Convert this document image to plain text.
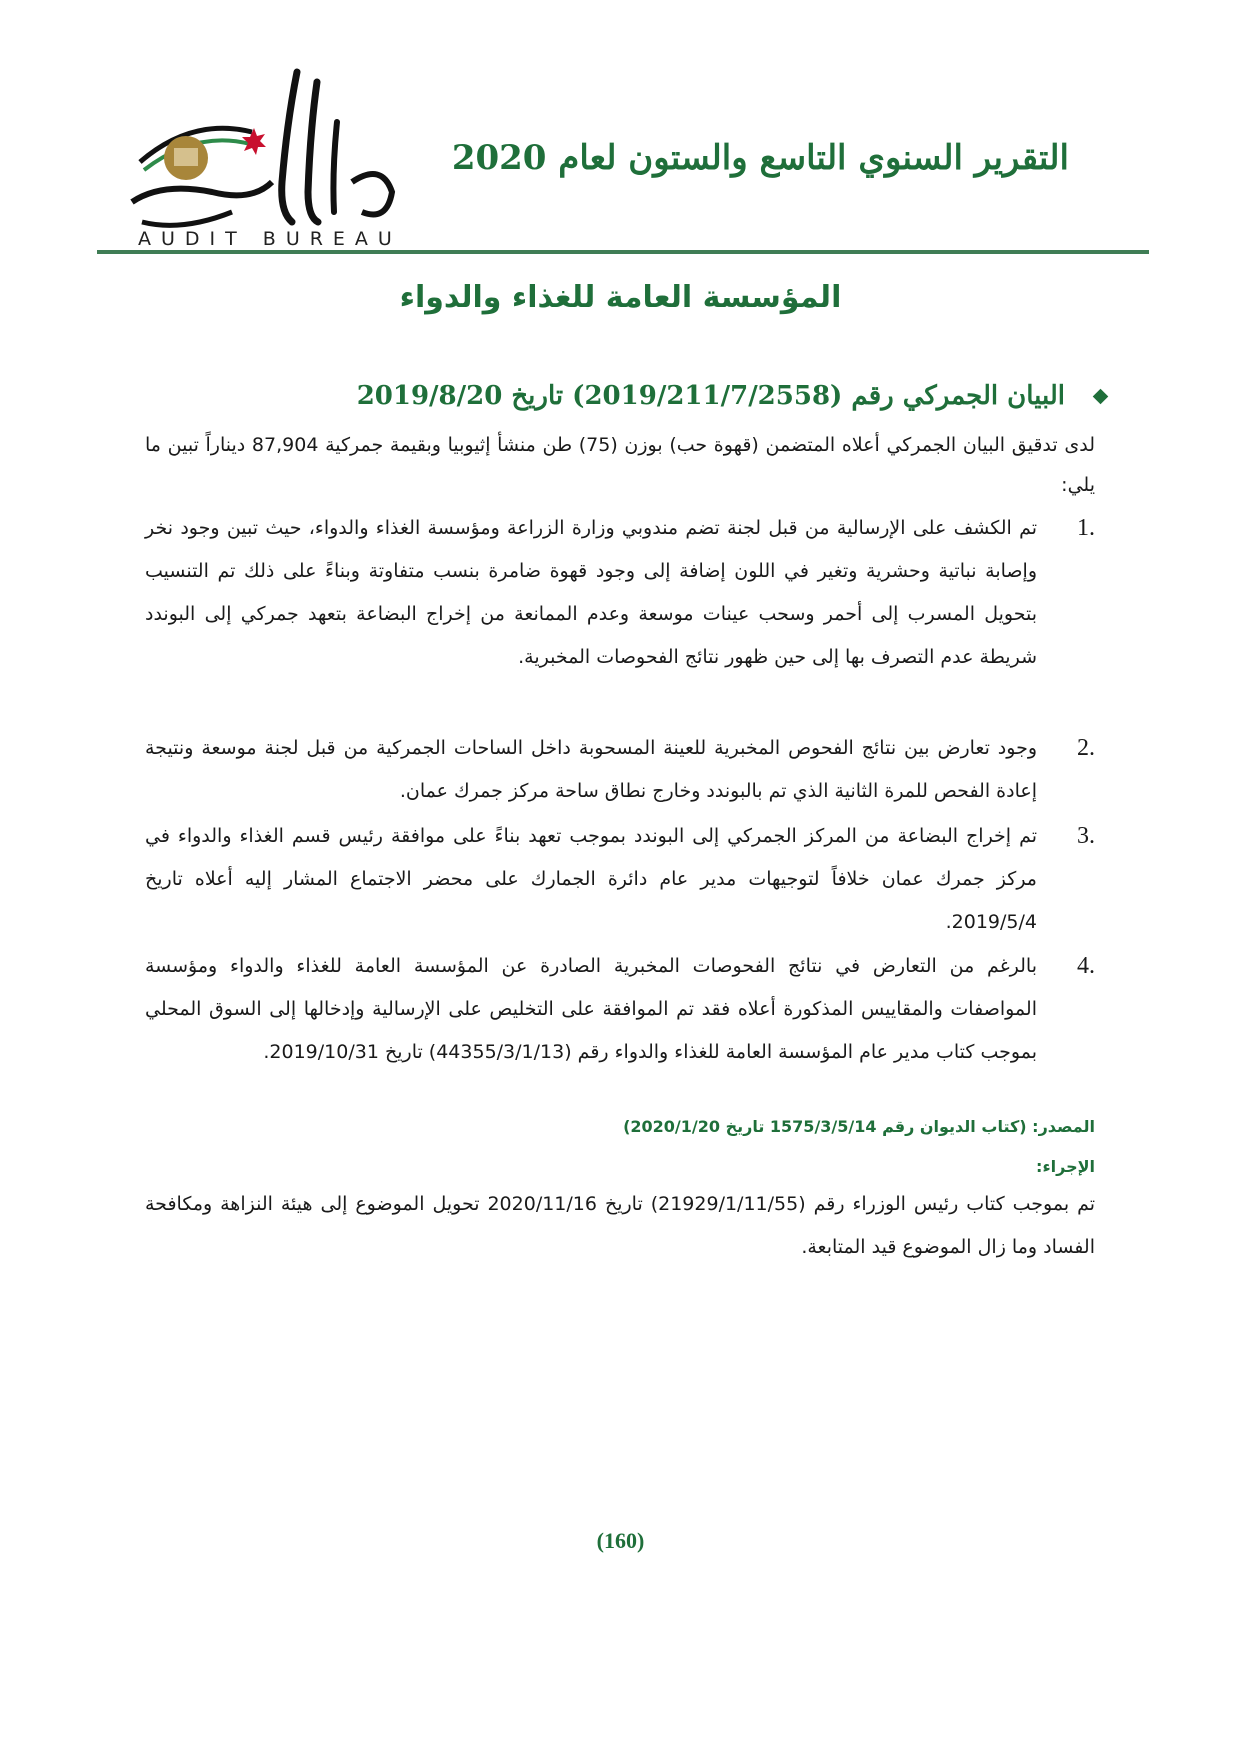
AUDIT BUREAU
التقرير السنوي التاسع والستون لعام 2020
المؤسسة العامة للغذاء والدواء
البيان الجمركي رقم (2019/211/7/2558) تاريخ 2019/8/20
لدى تدقيق البيان الجمركي أعلاه المتضمن (قهوة حب) بوزن (75) طن منشأ إثيوبيا وبقيمة جمركية 87,904 ديناراً تبين ما يلي:
1.
تم الكشف على الإرسالية من قبل لجنة تضم مندوبي وزارة الزراعة ومؤسسة الغذاء والدواء، حيث تبين وجود نخر وإصابة نباتية وحشرية وتغير في اللون إضافة إلى وجود قهوة ضامرة بنسب متفاوتة وبناءً على ذلك تم التنسيب بتحويل المسرب إلى أحمر وسحب عينات موسعة وعدم الممانعة من إخراج البضاعة بتعهد جمركي إلى البوندد شريطة عدم التصرف بها إلى حين ظهور نتائج الفحوصات المخبرية.
2.
وجود تعارض بين نتائج الفحوص المخبرية للعينة المسحوبة داخل الساحات الجمركية من قبل لجنة موسعة ونتيجة إعادة الفحص للمرة الثانية الذي تم بالبوندد وخارج نطاق ساحة مركز جمرك عمان.
3.
تم إخراج البضاعة من المركز الجمركي إلى البوندد بموجب تعهد بناءً على موافقة رئيس قسم الغذاء والدواء في مركز جمرك عمان خلافاً لتوجيهات مدير عام دائرة الجمارك على محضر الاجتماع المشار إليه أعلاه تاريخ 2019/5/4.
4.
بالرغم من التعارض في نتائج الفحوصات المخبرية الصادرة عن المؤسسة العامة للغذاء والدواء ومؤسسة المواصفات والمقاييس المذكورة أعلاه فقد تم الموافقة على التخليص على الإرسالية وإدخالها إلى السوق المحلي بموجب كتاب مدير عام المؤسسة العامة للغذاء والدواء رقم (44355/3/1/13) تاريخ 2019/10/31.
المصدر: (كتاب الديوان رقم 1575/3/5/14 تاريخ 2020/1/20)
الإجراء:
تم بموجب كتاب رئيس الوزراء رقم (21929/1/11/55) تاريخ 2020/11/16 تحويل الموضوع إلى هيئة النزاهة ومكافحة الفساد وما زال الموضوع قيد المتابعة.
(160)
